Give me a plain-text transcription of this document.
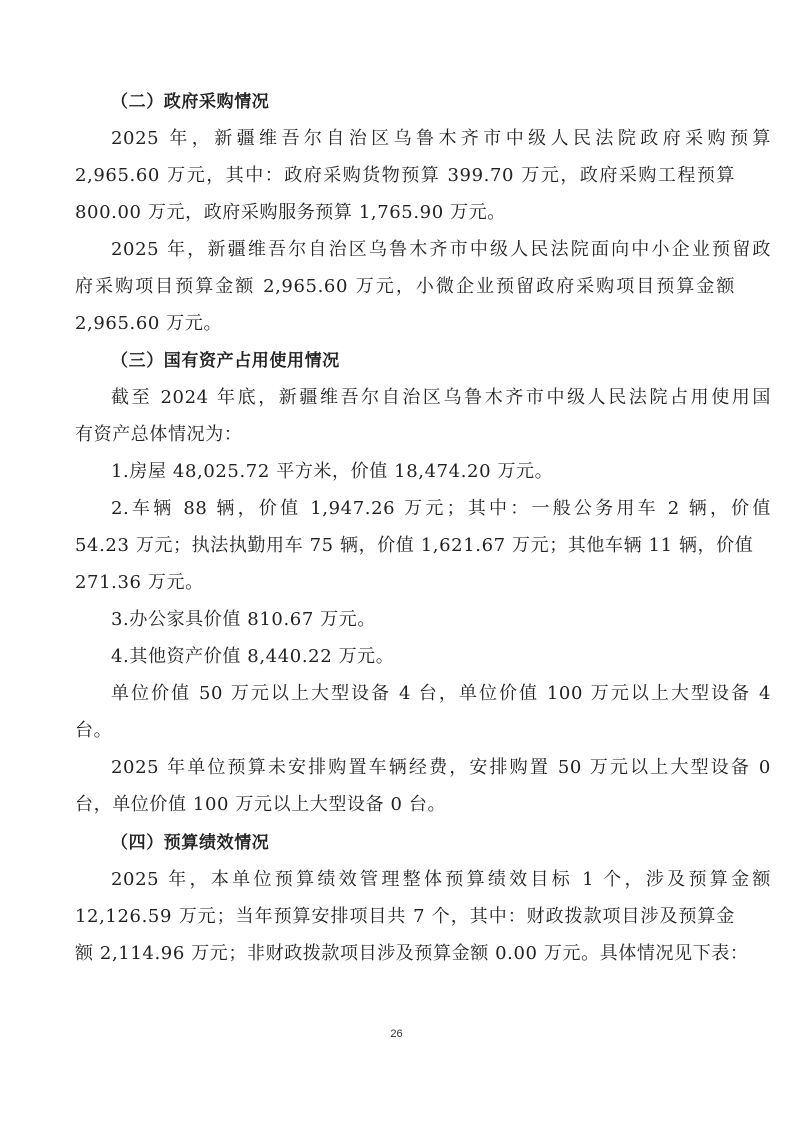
（二）政府采购情况
2025 年，新疆维吾尔自治区乌鲁木齐市中级人民法院政府采购预算
2,965.60 万元，其中：政府采购货物预算 399.70 万元，政府采购工程预算
800.00 万元，政府采购服务预算 1,765.90 万元。
2025 年，新疆维吾尔自治区乌鲁木齐市中级人民法院面向中小企业预留政
府采购项目预算金额 2,965.60 万元，小微企业预留政府采购项目预算金额
2,965.60 万元。
（三）国有资产占用使用情况
截至 2024 年底，新疆维吾尔自治区乌鲁木齐市中级人民法院占用使用国
有资产总体情况为：
1.房屋 48,025.72 平方米，价值 18,474.20 万元。
2.车辆 88 辆，价值 1,947.26 万元；其中：一般公务用车 2 辆，价值
54.23 万元；执法执勤用车 75 辆，价值 1,621.67 万元；其他车辆 11 辆，价值
271.36 万元。
3.办公家具价值 810.67 万元。
4.其他资产价值 8,440.22 万元。
单位价值 50 万元以上大型设备 4 台，单位价值 100 万元以上大型设备 4
台。
2025 年单位预算未安排购置车辆经费，安排购置 50 万元以上大型设备 0
台，单位价值 100 万元以上大型设备 0 台。
（四）预算绩效情况
2025 年，本单位预算绩效管理整体预算绩效目标 1 个，涉及预算金额
12,126.59 万元；当年预算安排项目共 7 个，其中：财政拨款项目涉及预算金
额 2,114.96 万元；非财政拨款项目涉及预算金额 0.00 万元。具体情况见下表：
26
